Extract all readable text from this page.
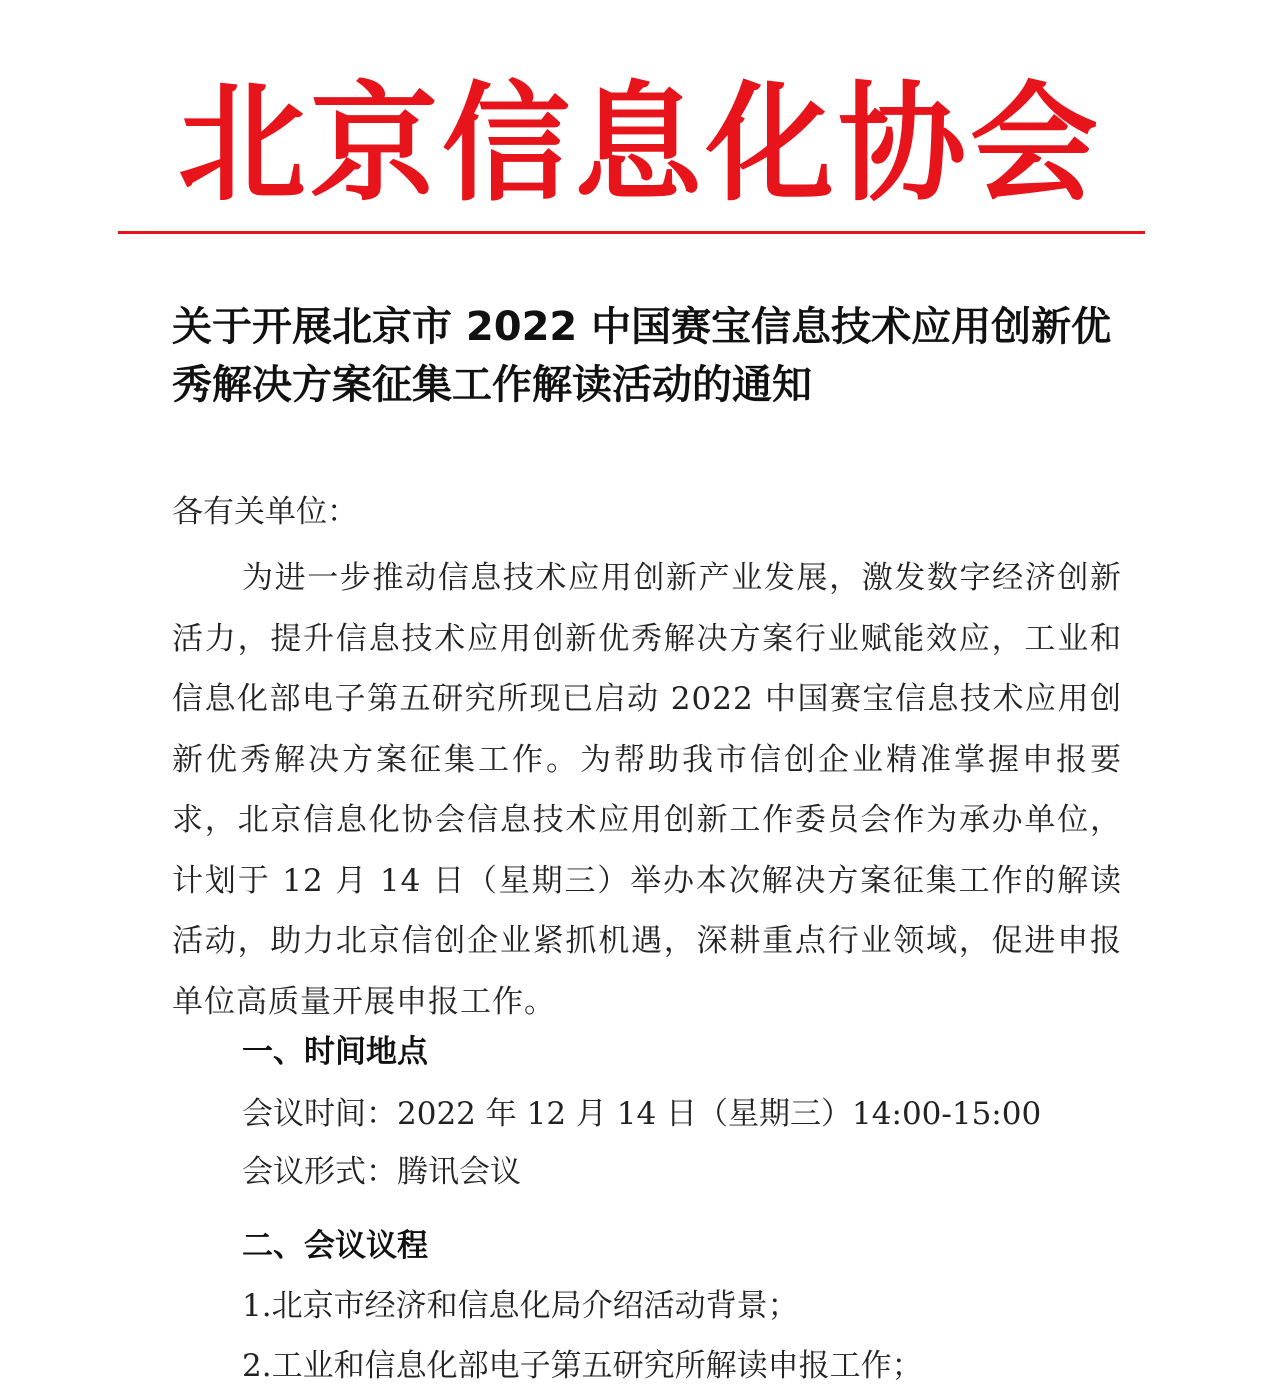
北京信息化协会
关于开展北京市 2022 中国赛宝信息技术应用创新优秀解决方案征集工作解读活动的通知

各有关单位：

为进一步推动信息技术应用创新产业发展，激发数字经济创新活力，提升信息技术应用创新优秀解决方案行业赋能效应，工业和信息化部电子第五研究所现已启动 2022 中国赛宝信息技术应用创新优秀解决方案征集工作。为帮助我市信创企业精准掌握申报要求，北京信息化协会信息技术应用创新工作委员会作为承办单位，计划于 12 月 14 日（星期三）举办本次解决方案征集工作的解读活动，助力北京信创企业紧抓机遇，深耕重点行业领域，促进申报单位高质量开展申报工作。

一、时间地点

会议时间：2022 年 12 月 14 日（星期三）14:00-15:00

会议形式：腾讯会议

二、会议议程

1.北京市经济和信息化局介绍活动背景；

2.工业和信息化部电子第五研究所解读申报工作；
